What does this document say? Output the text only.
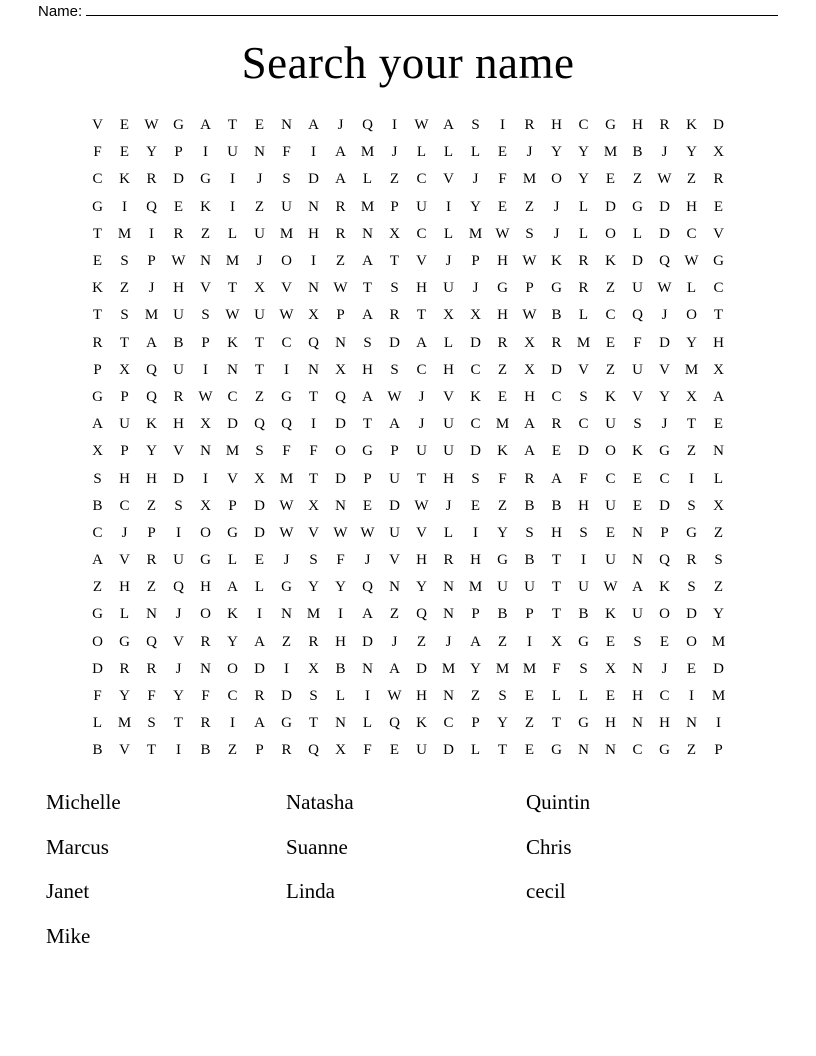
Name:
Search your name
V	E	W G	A	T	E	N	A	J	Q	I	W A	S	I	R	H	C	G	H	R	K	D
F	E	Y	P	I	U	N	F	I	A M	J	L	L	L	E	J	Y	Y M	B	J	Y	X
C	K	R	D	G	I	J	S	D	A	L	Z	C	V	J	F	M O	Y	E	Z	W	Z	R
G	I	Q	E	K	I	Z	U	N	R	M	P	U	I	Y	E	Z	J	L	D	G	D	H	E
T	M	I	R	Z	L	U M H	R	N	X	C	L	M W	S	J	L	O	L	D	C	V
E	S	P	W N M	J	O	I	Z	A	T	V	J	P	H W K	R	K	D	Q W G
K	Z	J	H	V	T	X	V	N W	T	S	H	U	J	G	P	G	R	Z	U W	L	C
T	S	M U	S	W U W X	P	A	R	T	X	X	H W B	L	C	Q	J	O	T
R	T	A	B	P	K	T	C	Q	N	S	D	A	L	D	R	X	R	M	E	F	D	Y	H
P	X	Q	U	I	N	T	I	N	X	H	S	C	H	C	Z	X	D	V	Z	U	V M X
G	P	Q	R W C	Z	G	T	Q	A W	J	V	K	E	H	C	S	K	V	Y	X	A
A	U	K	H	X	D	Q	Q	I	D	T	A	J	U	C	M A	R	C	U	S	J	T	E
X	P	Y	V	N M	S	F	F	O	G	P	U	U	D	K	A	E	D	O	K	G	Z	N
S	H	H	D	I	V	X M	T	D	P	U	T	H	S	F	R	A	F	C	E	C	I	L
B	C	Z	S	X	P	D W X	N	E	D W	J	E	Z	B	B	H	U	E	D	S	X
C	J	P	I	O	G	D W V W W U	V	L	I	Y	S	H	S	E	N	P	G	Z
A	V	R	U	G	L	E	J	S	F	J	V	H	R	H	G	B	T	I	U	N	Q	R	S
Z	H	Z	Q	H	A	L	G	Y	Y	Q	N	Y	N M U	U	T	U W A	K	S	Z
G	L	N	J	O	K	I	N M	I	A	Z	Q	N	P	B	P	T	B	K	U	O	D	Y
O	G	Q	V	R	Y	A	Z	R	H	D	J	Z	J	A	Z	I	X	G	E	S	E	O M
D	R	R	J	N	O	D	I	X	B	N	A	D M Y M M	F	S	X	N	J	E	D
F	Y	F	Y	F	C	R	D	S	L	I	W H	N	Z	S	E	L	L	E	H	C	I	M
L	M	S	T	R	I	A	G	T	N	L	Q	K	C	P	Y	Z	T	G	H	N	H	N	I
B	V	T	I	B	Z	P	R	Q	X	F	E	U	D	L	T	E	G	N	N	C	G	Z	P
Michelle	Natasha	Quintin
Marcus	Suanne	Chris
Janet	Linda	cecil
Mike
